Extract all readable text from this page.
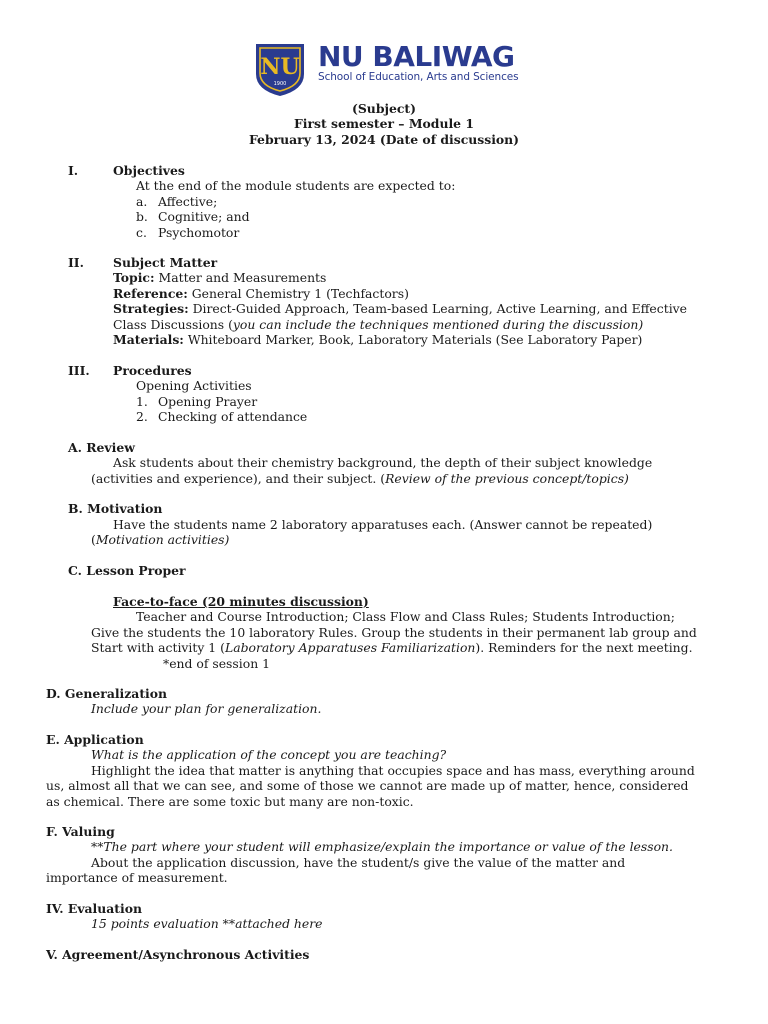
NU
1900
NU BALIWAG
School of Education, Arts and Sciences
(Subject)
First semester – Module 1
February 13, 2024 (Date of discussion)
I.	Objectives
At the end of the module students are expected to:
a. Affective;
b. Cognitive; and
c. Psychomotor
II. Subject Matter
Topic: Matter and Measurements
Reference: General Chemistry 1 (Techfactors)
Strategies: Direct-Guided Approach, Team-based Learning, Active Learning, and Effective
Class Discussions (you can include the techniques mentioned during the discussion)
Materials: Whiteboard Marker, Book, Laboratory Materials (See Laboratory Paper)
III. Procedures
Opening Activities
1. Opening Prayer
2. Checking of attendance
A. Review
Ask students about their chemistry background, the depth of their subject knowledge
(activities and experience), and their subject. (Review of the previous concept/topics)
B. Motivation
Have the students name 2 laboratory apparatuses each. (Answer cannot be repeated)
(Motivation activities)
C. Lesson Proper
Face-to-face (20 minutes discussion)
Teacher and Course Introduction; Class Flow and Class Rules; Students Introduction;
Give the students the 10 laboratory Rules. Group the students in their permanent lab group and
Start with activity 1 (Laboratory Apparatuses Familiarization). Reminders for the next meeting.
*end of session 1
D. Generalization
Include your plan for generalization.
E. Application
What is the application of the concept you are teaching?
Highlight the idea that matter is anything that occupies space and has mass, everything around
us, almost all that we can see, and some of those we cannot are made up of matter, hence, considered
as chemical. There are some toxic but many are non-toxic.
F. Valuing
**The part where your student will emphasize/explain the importance or value of the lesson.
About the application discussion, have the student/s give the value of the matter and
importance of measurement.
IV. Evaluation
15 points evaluation **attached here
V. Agreement/Asynchronous Activities
